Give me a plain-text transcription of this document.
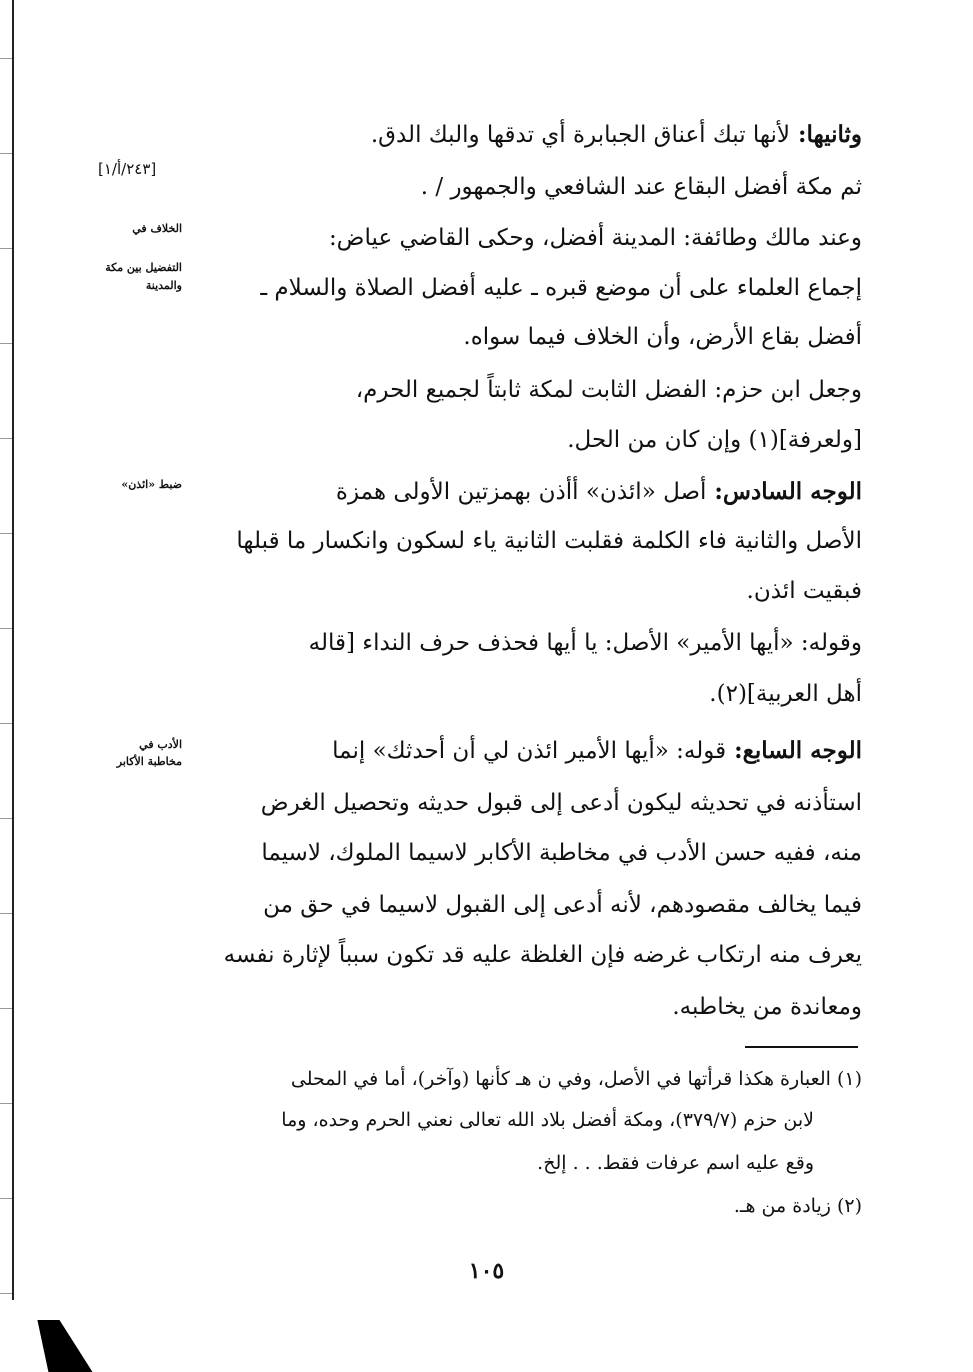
[٢٤٣/أ/١]
الخلاف في
التفضيل بين مكة
والمدينة
ضبط «ائذن»
الأدب في
مخاطبة الأكابر
وثانيها: لأنها تبك أعناق الجبابرة أي تدقها والبك الدق.
ثم مكة أفضل البقاع عند الشافعي والجمهور / .
وعند مالك وطائفة: المدينة أفضل، وحكى القاضي عياض:
إجماع العلماء على أن موضع قبره ـ عليه أفضل الصلاة والسلام ـ
أفضل بقاع الأرض، وأن الخلاف فيما سواه.
وجعل ابن حزم: الفضل الثابت لمكة ثابتاً لجميع الحرم،
[ولعرفة](١) وإن كان من الحل.
الوجه السادس: أصل «ائذن» أأذن بهمزتين الأولى همزة
الأصل والثانية فاء الكلمة فقلبت الثانية ياء لسكون وانكسار ما قبلها
فبقيت ائذن.
وقوله: «أيها الأمير» الأصل: يا أيها فحذف حرف النداء [قاله
أهل العربية](٢).
الوجه السابع: قوله: «أيها الأمير ائذن لي أن أحدثك» إنما
استأذنه في تحديثه ليكون أدعى إلى قبول حديثه وتحصيل الغرض
منه، ففيه حسن الأدب في مخاطبة الأكابر لاسيما الملوك، لاسيما
فيما يخالف مقصودهم، لأنه أدعى إلى القبول لاسيما في حق من
يعرف منه ارتكاب غرضه فإن الغلظة عليه قد تكون سبباً لإثارة نفسه
ومعاندة من يخاطبه.
(١) العبارة هكذا قرأتها في الأصل، وفي ن هـ كأنها (وآخر)، أما في المحلى
لابن حزم (٣٧٩/٧)، ومكة أفضل بلاد الله تعالى نعني الحرم وحده، وما
وقع عليه اسم عرفات فقط. . . إلخ.
(٢) زيادة من هـ.
١٠٥
